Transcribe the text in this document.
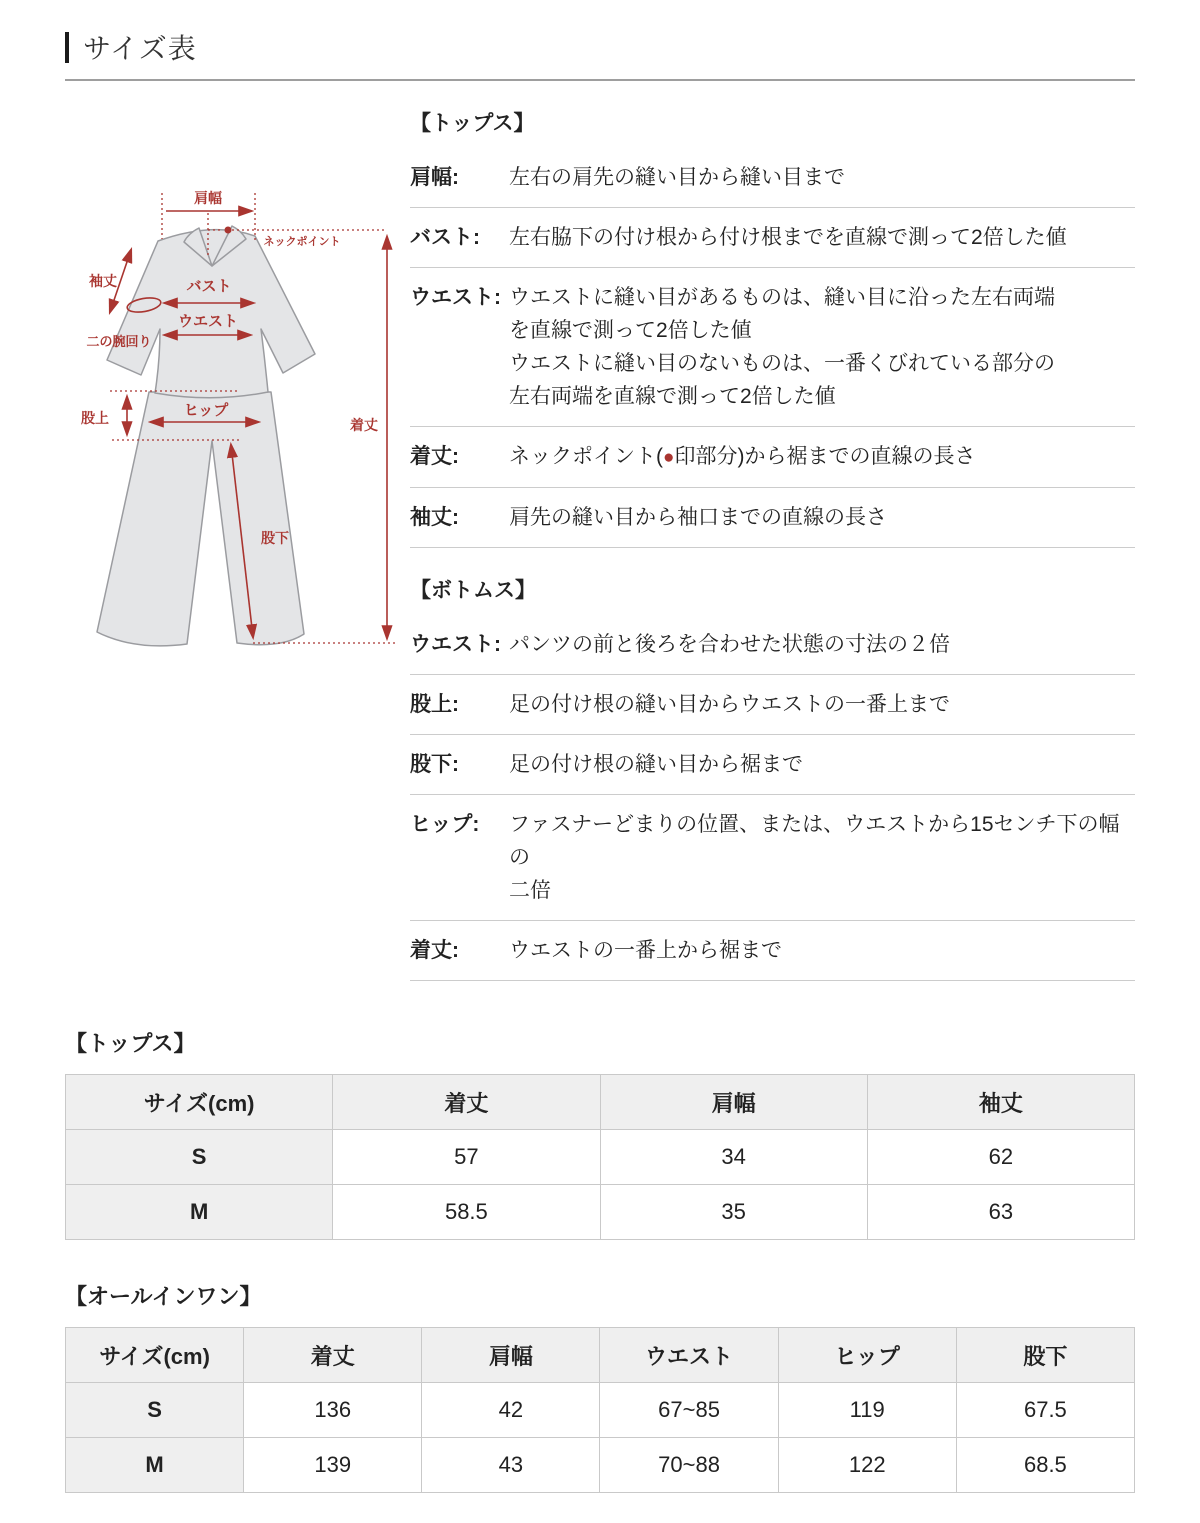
サイズ表
肩幅
ネックポイント
袖丈	バスト
ウエスト
二の腕回り
股上	ヒップ
着丈
股下
【トップス】
肩幅:	左右の肩先の縫い目から縫い目まで
バスト:	左右脇下の付け根から付け根までを直線で測って2倍した値
ウエスト: ウエストに縫い目があるものは、縫い目に沿った左右両端
を直線で測って2倍した値
ウエストに縫い目のないものは、一番くびれている部分の
左右両端を直線で測って2倍した値
着丈:	ネックポイント(●印部分)から裾までの直線の長さ
袖丈:	肩先の縫い目から袖口までの直線の長さ
【ボトムス】
ウエスト: パンツの前と後ろを合わせた状態の寸法の２倍
股上:	足の付け根の縫い目からウエストの一番上まで
股下:	足の付け根の縫い目から裾まで
ヒップ:	ファスナーどまりの位置、または、ウエストから15センチ下の幅の
二倍
着丈:	ウエストの一番上から裾まで
【トップス】
サイズ(cm)	着丈	肩幅	袖丈
S	57	34	62
M	58.5	35	63
【オールインワン】
サイズ(cm)	着丈	肩幅	ウエスト	ヒップ	股下
S	136	42	67~85	119	67.5
M	139	43	70~88	122	68.5
